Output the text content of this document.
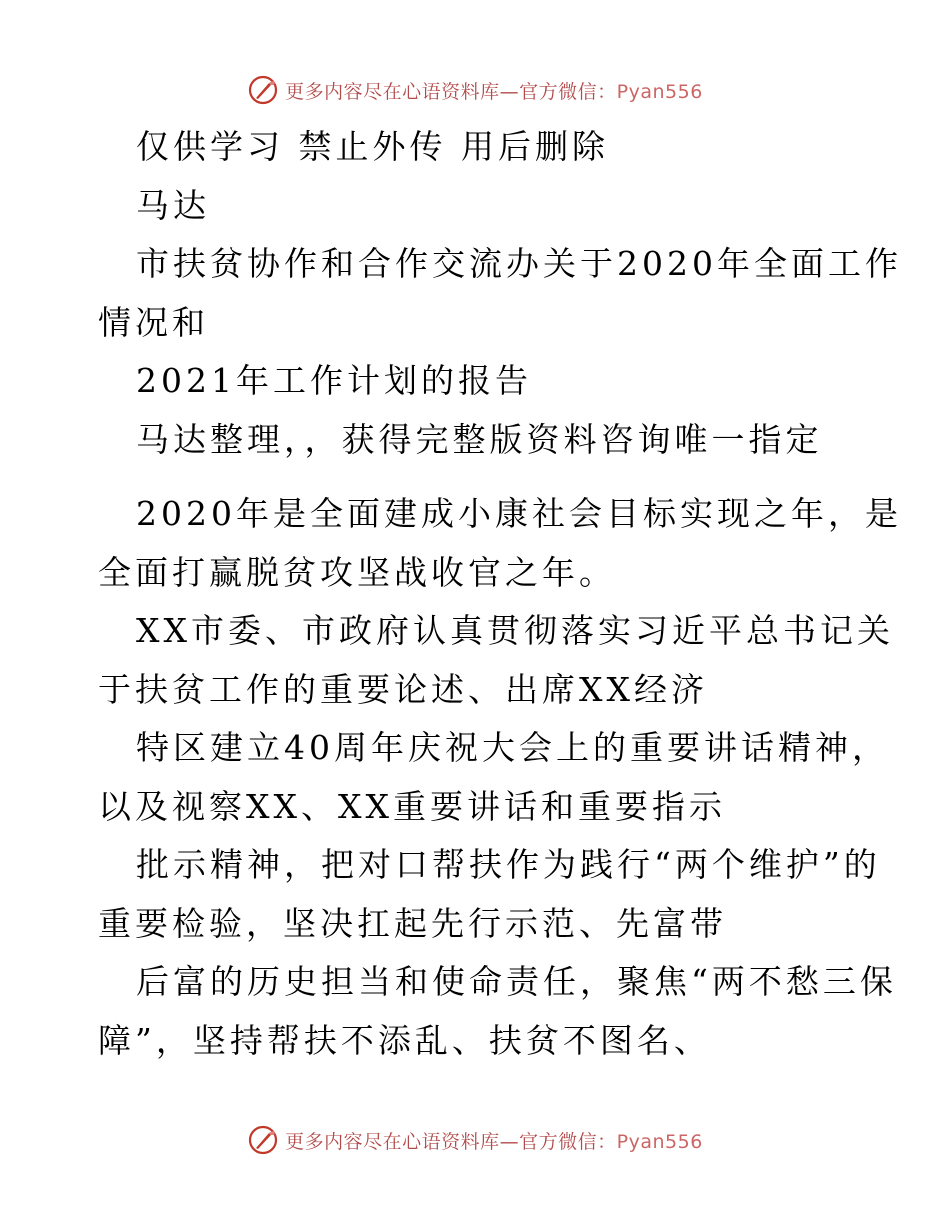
更多内容尽在心语资料库—官方微信：Pyan556
仅供学习 禁止外传 用后删除
马达
市扶贫协作和合作交流办关于2020年全面工作
情况和
2021年工作计划的报告
马达整理，，获得完整版资料咨询唯一指定
2020年是全面建成小康社会目标实现之年，是
全面打赢脱贫攻坚战收官之年。
XX市委、市政府认真贯彻落实习近平总书记关
于扶贫工作的重要论述、出席XX经济
特区建立40周年庆祝大会上的重要讲话精神，
以及视察XX、XX重要讲话和重要指示
批示精神，把对口帮扶作为践行“两个维护”的
重要检验，坚决扛起先行示范、先富带
后富的历史担当和使命责任，聚焦“两不愁三保
障”，坚持帮扶不添乱、扶贫不图名、
更多内容尽在心语资料库—官方微信：Pyan556
